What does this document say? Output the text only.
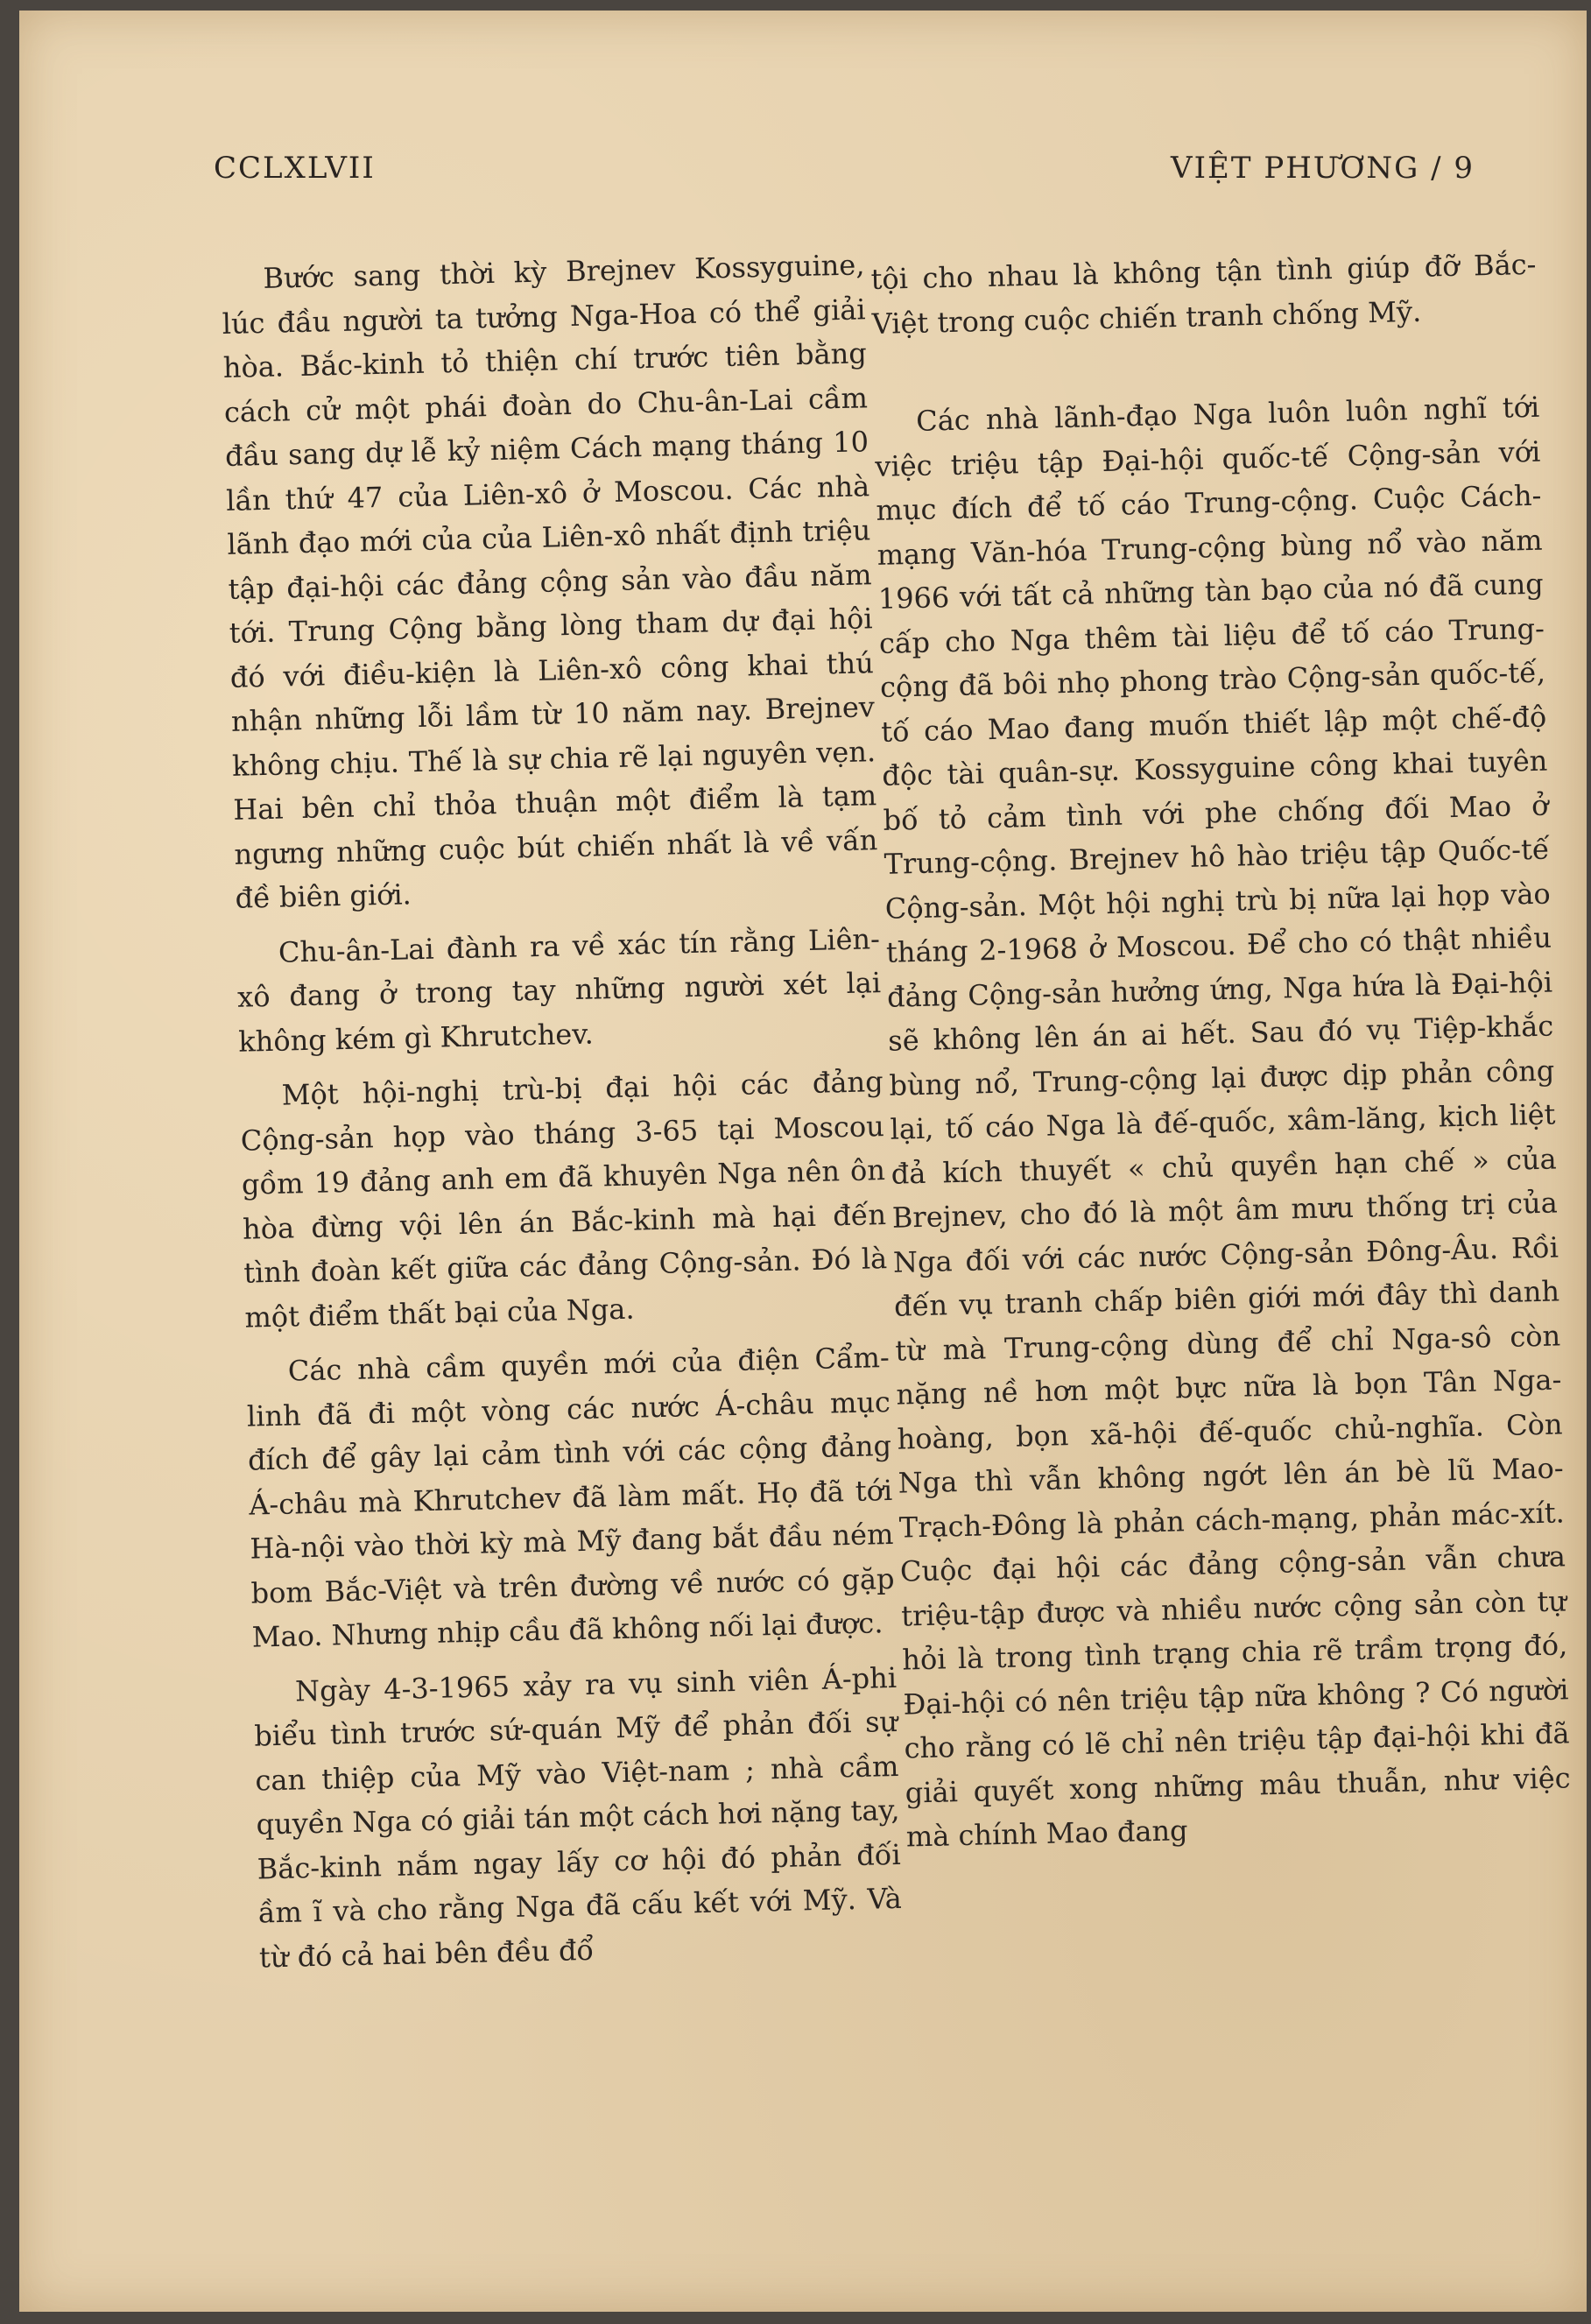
CCLXLVII	VIỆT PHƯƠNG / 9

Bước sang thời kỳ Brejnev Kossyguine, lúc đầu người ta tưởng Nga-Hoa có thể giải hòa. Bắc-kinh tỏ thiện chí trước tiên bằng cách cử một phái đoàn do Chu-ân-Lai cầm đầu sang dự lễ kỷ niệm Cách mạng tháng 10 lần thứ 47 của Liên-xô ở Moscou. Các nhà lãnh đạo mới của của Liên-xô nhất định triệu tập đại-hội các đảng cộng sản vào đầu năm tới. Trung Cộng bằng lòng tham dự đại hội đó với điều-kiện là Liên-xô công khai thú nhận những lỗi lầm từ 10 năm nay. Brejnev không chịu. Thế là sự chia rẽ lại nguyên vẹn. Hai bên chỉ thỏa thuận một điểm là tạm ngưng những cuộc bút chiến nhất là về vấn đề biên giới.

Chu-ân-Lai đành ra về xác tín rằng Liên-xô đang ở trong tay những người xét lại không kém gì Khrutchev.

Một hội-nghị trù-bị đại hội các đảng Cộng-sản họp vào tháng 3-65 tại Moscou gồm 19 đảng anh em đã khuyên Nga nên ôn hòa đừng vội lên án Bắc-kinh mà hại đến tình đoàn kết giữa các đảng Cộng-sản. Đó là một điểm thất bại của Nga.

Các nhà cầm quyền mới của điện Cẩm-linh đã đi một vòng các nước Á-châu mục đích để gây lại cảm tình với các cộng đảng Á-châu mà Khrutchev đã làm mất. Họ đã tới Hà-nội vào thời kỳ mà Mỹ đang bắt đầu ném bom Bắc-Việt và trên đường về nước có gặp Mao. Nhưng nhịp cầu đã không nối lại được.

Ngày 4-3-1965 xảy ra vụ sinh viên Á-phi biểu tình trước sứ-quán Mỹ để phản đối sự can thiệp của Mỹ vào Việt-nam ; nhà cầm quyền Nga có giải tán một cách hơi nặng tay, Bắc-kinh nắm ngay lấy cơ hội đó phản đối ầm ĩ và cho rằng Nga đã cấu kết với Mỹ. Và từ đó cả hai bên đều đổ

tội cho nhau là không tận tình giúp đỡ Bắc-Việt trong cuộc chiến tranh chống Mỹ.

Các nhà lãnh-đạo Nga luôn luôn nghĩ tới việc triệu tập Đại-hội quốc-tế Cộng-sản với mục đích để tố cáo Trung-cộng. Cuộc Cách-mạng Văn-hóa Trung-cộng bùng nổ vào năm 1966 với tất cả những tàn bạo của nó đã cung cấp cho Nga thêm tài liệu để tố cáo Trung-cộng đã bôi nhọ phong trào Cộng-sản quốc-tế, tố cáo Mao đang muốn thiết lập một chế-độ độc tài quân-sự. Kossyguine công khai tuyên bố tỏ cảm tình với phe chống đối Mao ở Trung-cộng. Brejnev hô hào triệu tập Quốc-tế Cộng-sản. Một hội nghị trù bị nữa lại họp vào tháng 2-1968 ở Moscou. Để cho có thật nhiều đảng Cộng-sản hưởng ứng, Nga hứa là Đại-hội sẽ không lên án ai hết. Sau đó vụ Tiệp-khắc bùng nổ, Trung-cộng lại được dịp phản công lại, tố cáo Nga là đế-quốc, xâm-lăng, kịch liệt đả kích thuyết « chủ quyền hạn chế » của Brejnev, cho đó là một âm mưu thống trị của Nga đối với các nước Cộng-sản Đông-Âu. Rồi đến vụ tranh chấp biên giới mới đây thì danh từ mà Trung-cộng dùng để chỉ Nga-sô còn nặng nề hơn một bực nữa là bọn Tân Nga-hoàng, bọn xã-hội đế-quốc chủ-nghĩa. Còn Nga thì vẫn không ngớt lên án bè lũ Mao-Trạch-Đông là phản cách-mạng, phản mác-xít. Cuộc đại hội các đảng cộng-sản vẫn chưa triệu-tập được và nhiều nước cộng sản còn tự hỏi là trong tình trạng chia rẽ trầm trọng đó, Đại-hội có nên triệu tập nữa không ? Có người cho rằng có lẽ chỉ nên triệu tập đại-hội khi đã giải quyết xong những mâu thuẫn, như việc mà chính Mao đang
